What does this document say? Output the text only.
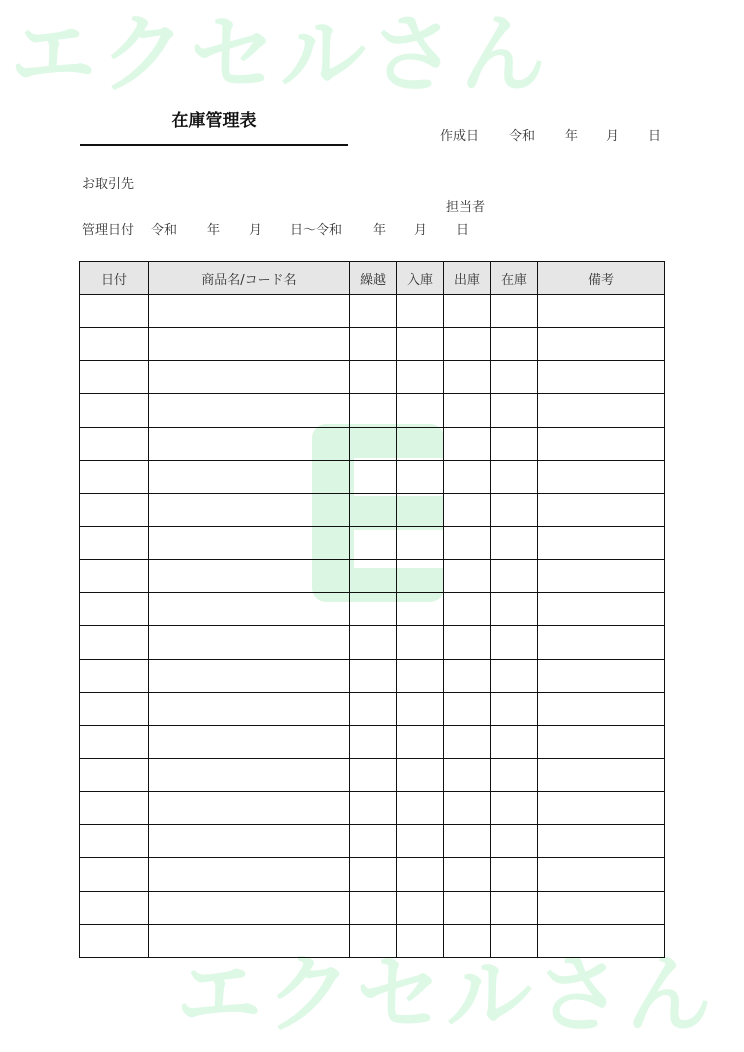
エクセルさん
エクセルさん
在庫管理表
作成日 令和 年 月 日
お取引先
担当者
管理日付 令和 年 月 日～令和 年 月 日
日付	商品名/コード名	繰越	入庫	出庫	在庫	備考
